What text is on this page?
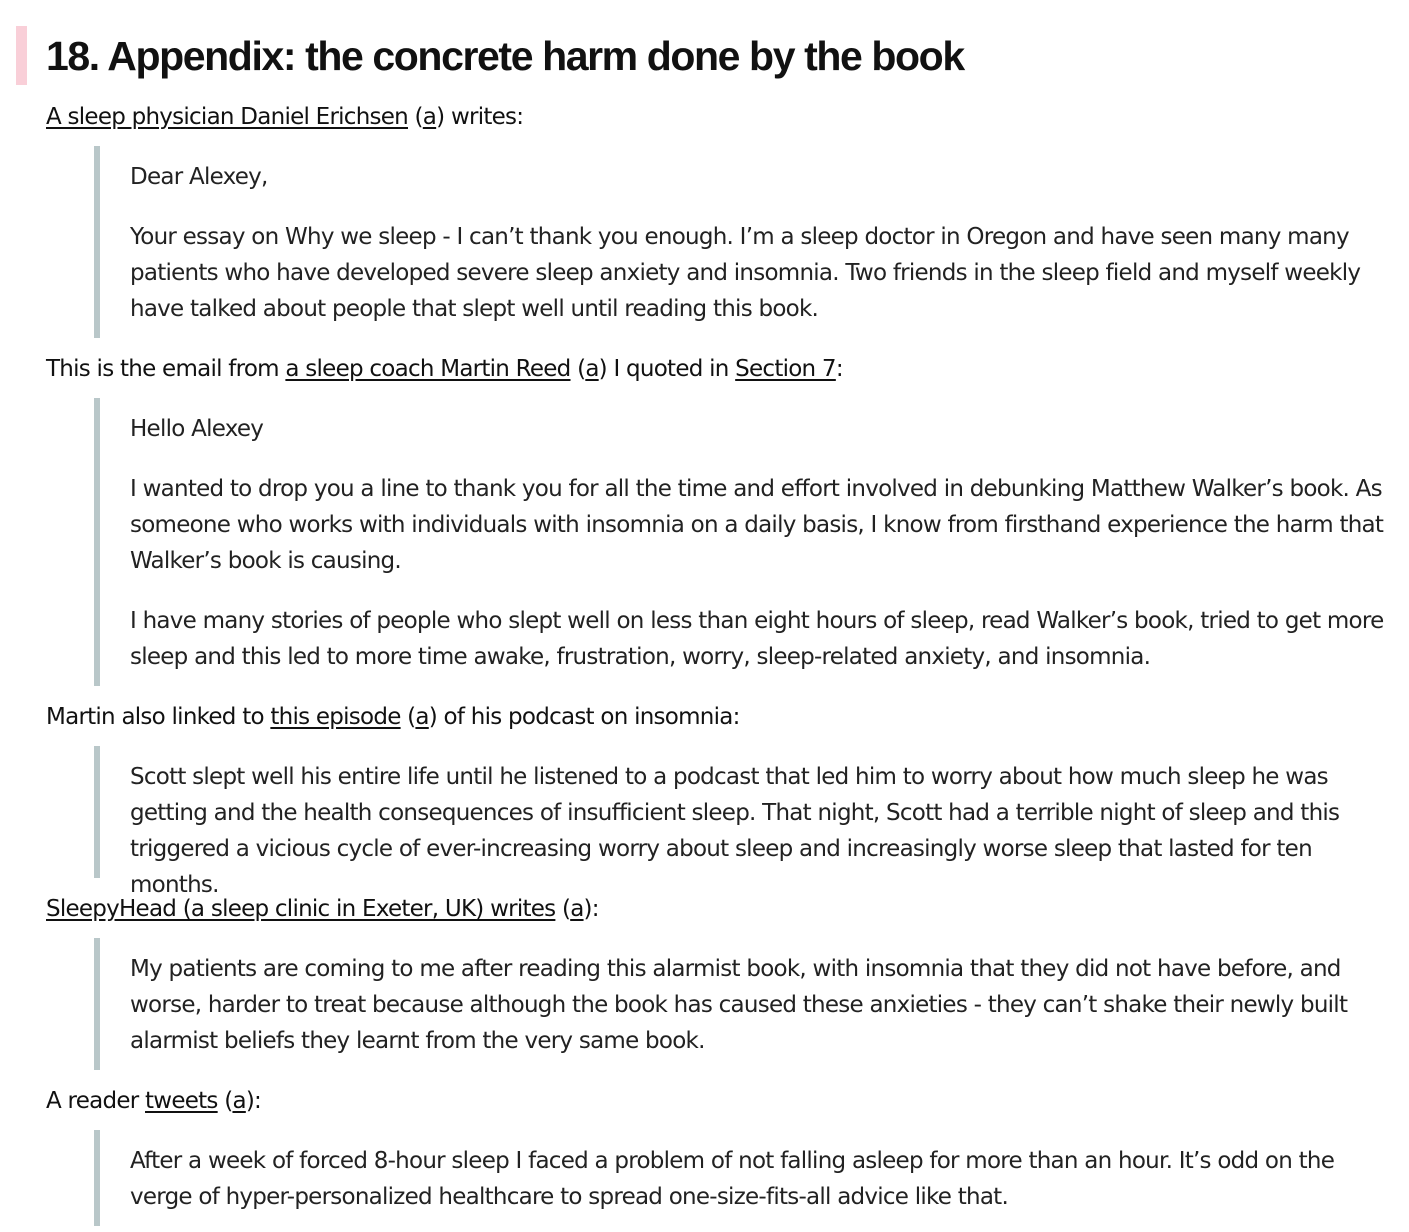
18. Appendix: the concrete harm done by the book

A sleep physician Daniel Erichsen (a) writes:

Dear Alexey,

Your essay on Why we sleep - I can’t thank you enough. I’m a sleep doctor in Oregon and have seen many many patients who have developed severe sleep anxiety and insomnia. Two friends in the sleep field and myself weekly have talked about people that slept well until reading this book.

This is the email from a sleep coach Martin Reed (a) I quoted in Section 7:

Hello Alexey

I wanted to drop you a line to thank you for all the time and effort involved in debunking Matthew Walker’s book. As someone who works with individuals with insomnia on a daily basis, I know from firsthand experience the harm that Walker’s book is causing.

I have many stories of people who slept well on less than eight hours of sleep, read Walker’s book, tried to get more sleep and this led to more time awake, frustration, worry, sleep-related anxiety, and insomnia.

Martin also linked to this episode (a) of his podcast on insomnia:

Scott slept well his entire life until he listened to a podcast that led him to worry about how much sleep he was getting and the health consequences of insufficient sleep. That night, Scott had a terrible night of sleep and this triggered a vicious cycle of ever-increasing worry about sleep and increasingly worse sleep that lasted for ten months.

SleepyHead (a sleep clinic in Exeter, UK) writes (a):

My patients are coming to me after reading this alarmist book, with insomnia that they did not have before, and worse, harder to treat because although the book has caused these anxieties - they can’t shake their newly built alarmist beliefs they learnt from the very same book.

A reader tweets (a):

After a week of forced 8-hour sleep I faced a problem of not falling asleep for more than an hour. It’s odd on the verge of hyper-personalized healthcare to spread one-size-fits-all advice like that.
